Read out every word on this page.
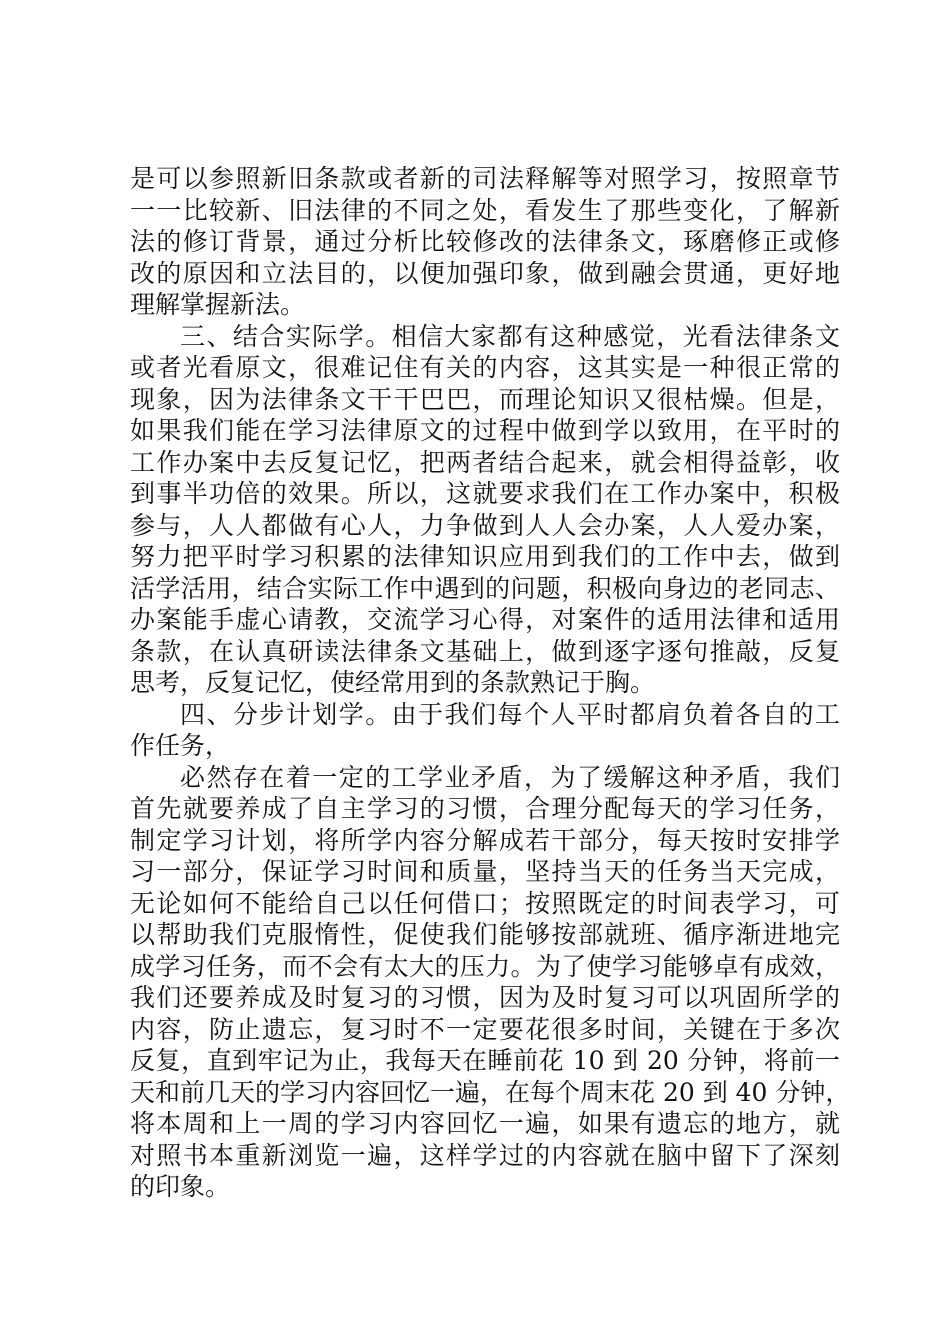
是可以参照新旧条款或者新的司法释解等对照学习，按照章节
一一比较新、旧法律的不同之处，看发生了那些变化，了解新
法的修订背景，通过分析比较修改的法律条文，琢磨修正或修
改的原因和立法目的，以便加强印象，做到融会贯通，更好地
理解掌握新法。
三、结合实际学。相信大家都有这种感觉，光看法律条文
或者光看原文，很难记住有关的内容，这其实是一种很正常的
现象，因为法律条文干干巴巴，而理论知识又很枯燥。但是，
如果我们能在学习法律原文的过程中做到学以致用，在平时的
工作办案中去反复记忆，把两者结合起来，就会相得益彰，收
到事半功倍的效果。所以，这就要求我们在工作办案中，积极
参与，人人都做有心人，力争做到人人会办案，人人爱办案，
努力把平时学习积累的法律知识应用到我们的工作中去，做到
活学活用，结合实际工作中遇到的问题，积极向身边的老同志、
办案能手虚心请教，交流学习心得，对案件的适用法律和适用
条款，在认真研读法律条文基础上，做到逐字逐句推敲，反复
思考，反复记忆，使经常用到的条款熟记于胸。
四、分步计划学。由于我们每个人平时都肩负着各自的工
作任务，
必然存在着一定的工学业矛盾，为了缓解这种矛盾，我们
首先就要养成了自主学习的习惯，合理分配每天的学习任务，
制定学习计划，将所学内容分解成若干部分，每天按时安排学
习一部分，保证学习时间和质量，坚持当天的任务当天完成，
无论如何不能给自己以任何借口；按照既定的时间表学习，可
以帮助我们克服惰性，促使我们能够按部就班、循序渐进地完
成学习任务，而不会有太大的压力。为了使学习能够卓有成效，
我们还要养成及时复习的习惯，因为及时复习可以巩固所学的
内容，防止遗忘，复习时不一定要花很多时间，关键在于多次
反复，直到牢记为止，我每天在睡前花 10 到 20 分钟，将前一
天和前几天的学习内容回忆一遍，在每个周末花 20 到 40 分钟，
将本周和上一周的学习内容回忆一遍，如果有遗忘的地方，就
对照书本重新浏览一遍，这样学过的内容就在脑中留下了深刻
的印象。
